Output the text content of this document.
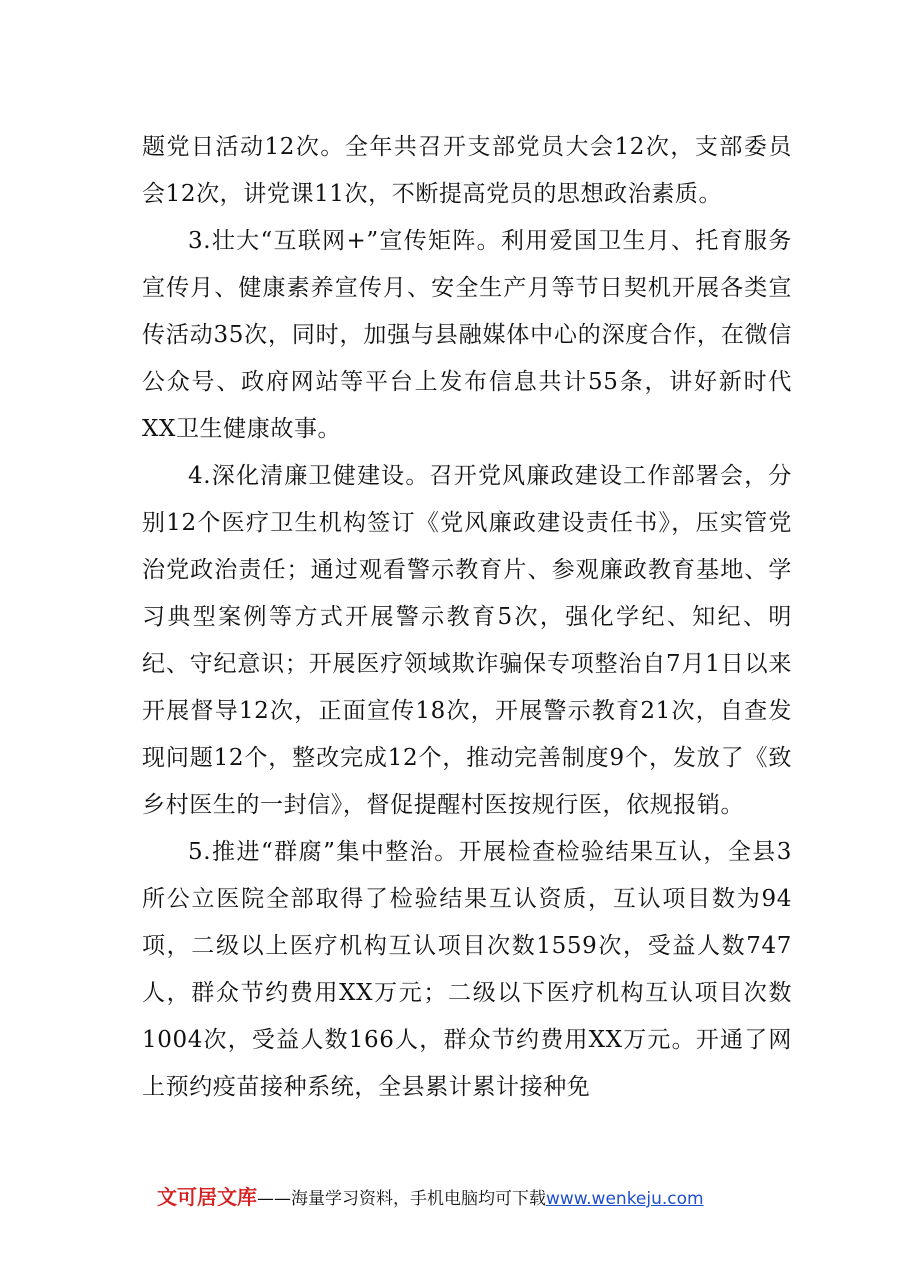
题党日活动12次。全年共召开支部党员大会12次，支部委员会12次，讲党课11次，不断提高党员的思想政治素质。

3.壮大“互联网+”宣传矩阵。利用爱国卫生月、托育服务宣传月、健康素养宣传月、安全生产月等节日契机开展各类宣传活动35次，同时，加强与县融媒体中心的深度合作，在微信公众号、政府网站等平台上发布信息共计55条，讲好新时代XX卫生健康故事。

4.深化清廉卫健建设。召开党风廉政建设工作部署会，分别12个医疗卫生机构签订《党风廉政建设责任书》，压实管党治党政治责任；通过观看警示教育片、参观廉政教育基地、学习典型案例等方式开展警示教育5次，强化学纪、知纪、明纪、守纪意识；开展医疗领域欺诈骗保专项整治自7月1日以来开展督导12次，正面宣传18次，开展警示教育21次，自查发现问题12个，整改完成12个，推动完善制度9个，发放了《致乡村医生的一封信》，督促提醒村医按规行医，依规报销。

5.推进“群腐”集中整治。开展检查检验结果互认，全县3所公立医院全部取得了检验结果互认资质，互认项目数为94项，二级以上医疗机构互认项目次数1559次，受益人数747人，群众节约费用XX万元；二级以下医疗机构互认项目次数1004次，受益人数166人，群众节约费用XX万元。开通了网上预约疫苗接种系统，全县累计累计接种免

文可居文库——海量学习资料，手机电脑均可下载www.wenkeju.com
